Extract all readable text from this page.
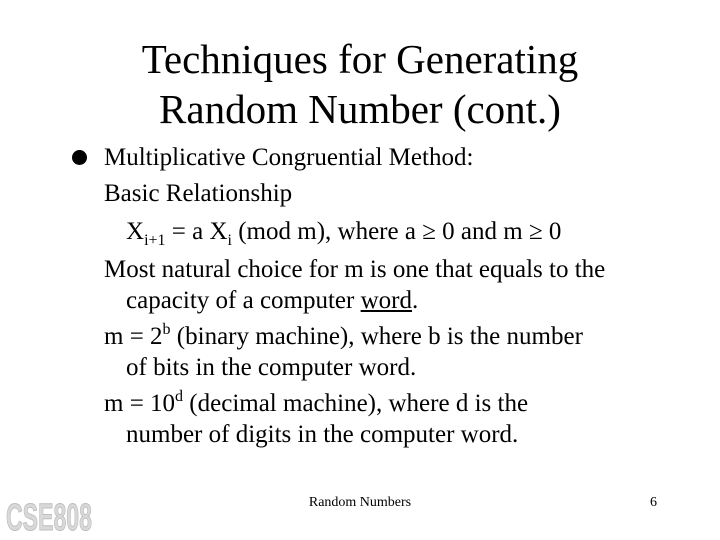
Techniques for Generating
Random Number (cont.)
Multiplicative Congruential Method:
Basic Relationship
$X_{i+1} = a$ $X_i$ (mod m), where a ≥ 0 and m ≥ 0
Most natural choice for m is one that equals to the
capacity of a computer word.
$m = 2^b$ (binary machine), where b is the number
of bits in the computer word.
$m = 10^d$ (decimal machine), where d is the
number of digits in the computer word.
CSE808	Random Numbers	6
